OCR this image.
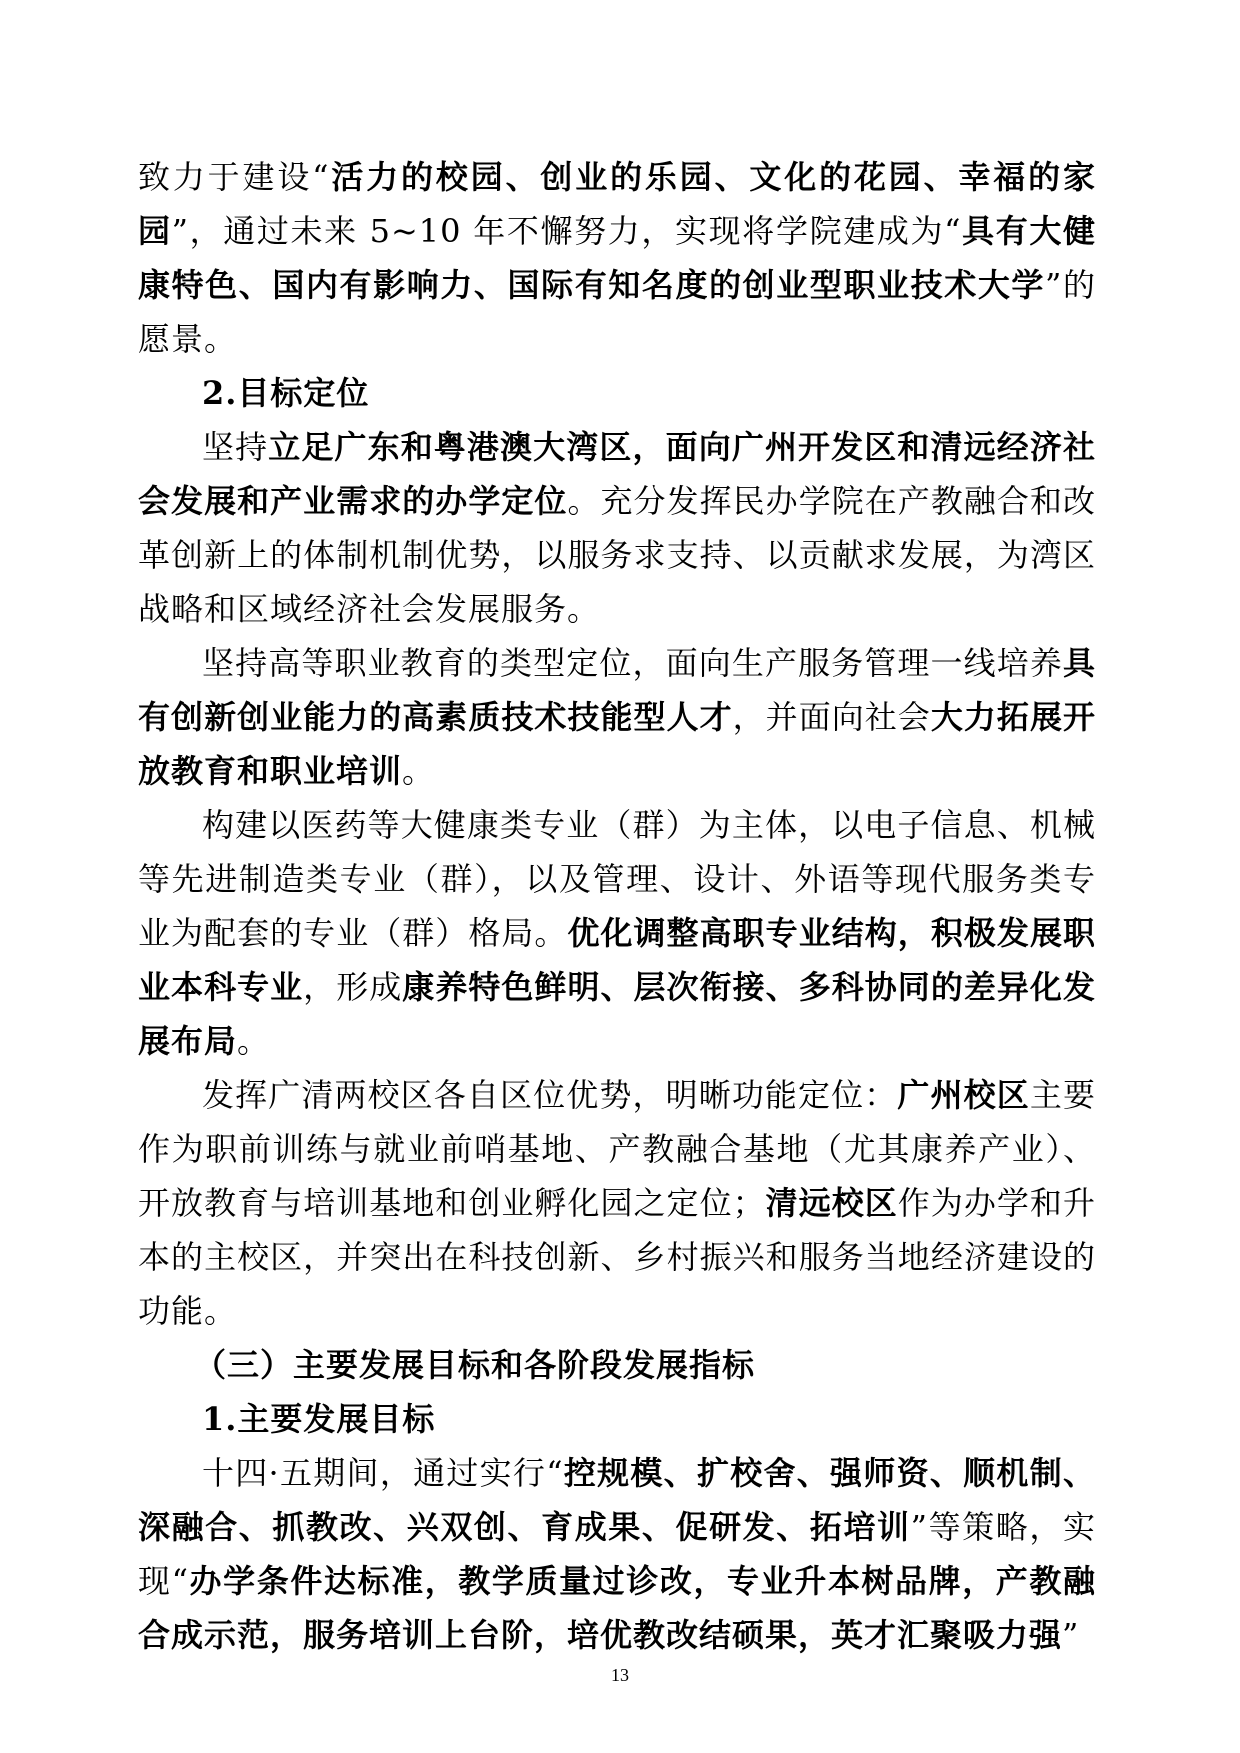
致力于建设“活力的校园、创业的乐园、文化的花园、幸福的家园”，通过未来 5~10 年不懈努力，实现将学院建成为“具有大健康特色、国内有影响力、国际有知名度的创业型职业技术大学”的愿景。

2.目标定位

坚持立足广东和粤港澳大湾区，面向广州开发区和清远经济社会发展和产业需求的办学定位。充分发挥民办学院在产教融合和改革创新上的体制机制优势，以服务求支持、以贡献求发展，为湾区战略和区域经济社会发展服务。

坚持高等职业教育的类型定位，面向生产服务管理一线培养具有创新创业能力的高素质技术技能型人才，并面向社会大力拓展开放教育和职业培训。

构建以医药等大健康类专业（群）为主体，以电子信息、机械等先进制造类专业（群），以及管理、设计、外语等现代服务类专业为配套的专业（群）格局。优化调整高职专业结构，积极发展职业本科专业，形成康养特色鲜明、层次衔接、多科协同的差异化发展布局。

发挥广清两校区各自区位优势，明晰功能定位：广州校区主要作为职前训练与就业前哨基地、产教融合基地（尤其康养产业）、开放教育与培训基地和创业孵化园之定位；清远校区作为办学和升本的主校区，并突出在科技创新、乡村振兴和服务当地经济建设的功能。

（三）主要发展目标和各阶段发展指标

1.主要发展目标

十四·五期间，通过实行“控规模、扩校舍、强师资、顺机制、深融合、抓教改、兴双创、育成果、促研发、拓培训”等策略，实现“办学条件达标准，教学质量过诊改，专业升本树品牌，产教融合成示范，服务培训上台阶，培优教改结硕果，英才汇聚吸力强”

13
